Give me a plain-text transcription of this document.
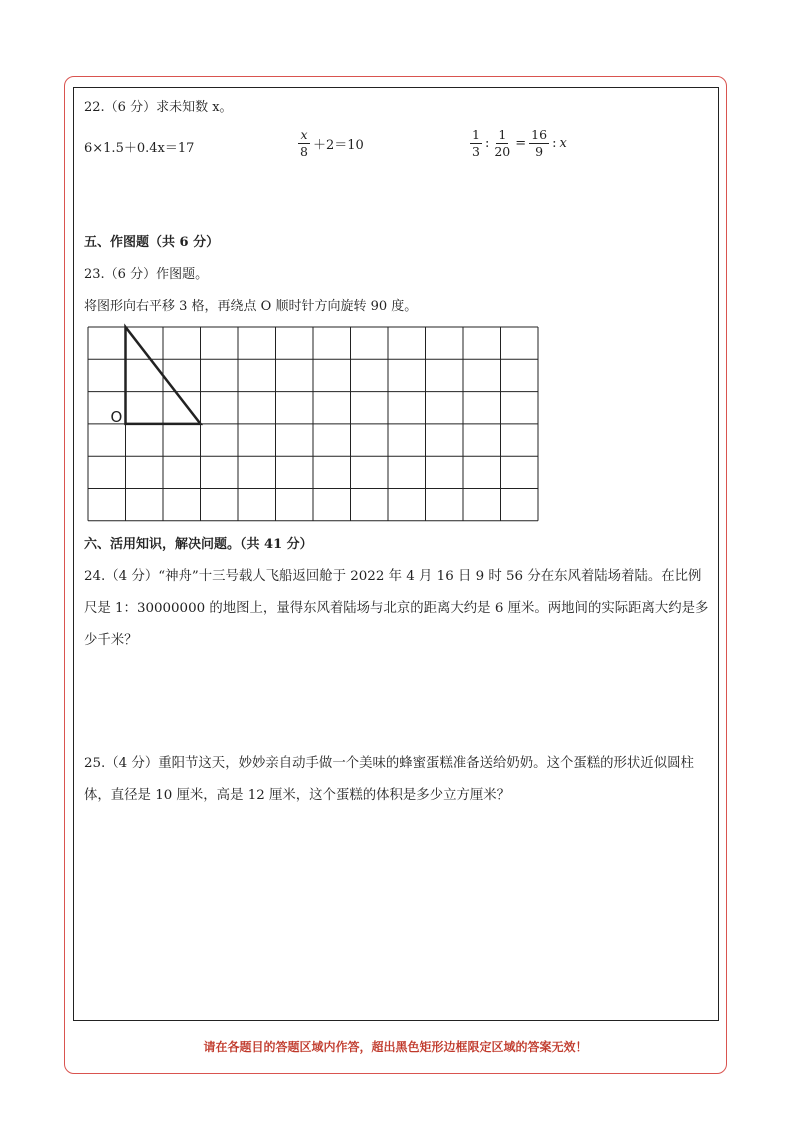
22.（6 分）求未知数 x。
6×1.5＋0.4x＝17	$\frac{x}{8} +2=10$	$\frac{1}{3}$ : $\frac{1}{20} = \frac{16}{9}$ : x
五、作图题（共 6 分）
23.（6 分）作图题。
将图形向右平移 3 格，再绕点 O 顺时针方向旋转 90 度。
O
六、活用知识，解决问题。（共 41 分）
24.（4 分）“神舟”十三号载人飞船返回舱于 2022 年 4 月 16 日 9 时 56 分在东风着陆场着陆。在比例尺是 1：30000000 的地图上，量得东风着陆场与北京的距离大约是 6 厘米。两地间的实际距离大约是多少千米？
25.（4 分）重阳节这天，妙妙亲自动手做一个美味的蜂蜜蛋糕准备送给奶奶。这个蛋糕的形状近似圆柱体，直径是 10 厘米，高是 12 厘米，这个蛋糕的体积是多少立方厘米？
请在各题目的答题区域内作答，超出黑色矩形边框限定区域的答案无效！
